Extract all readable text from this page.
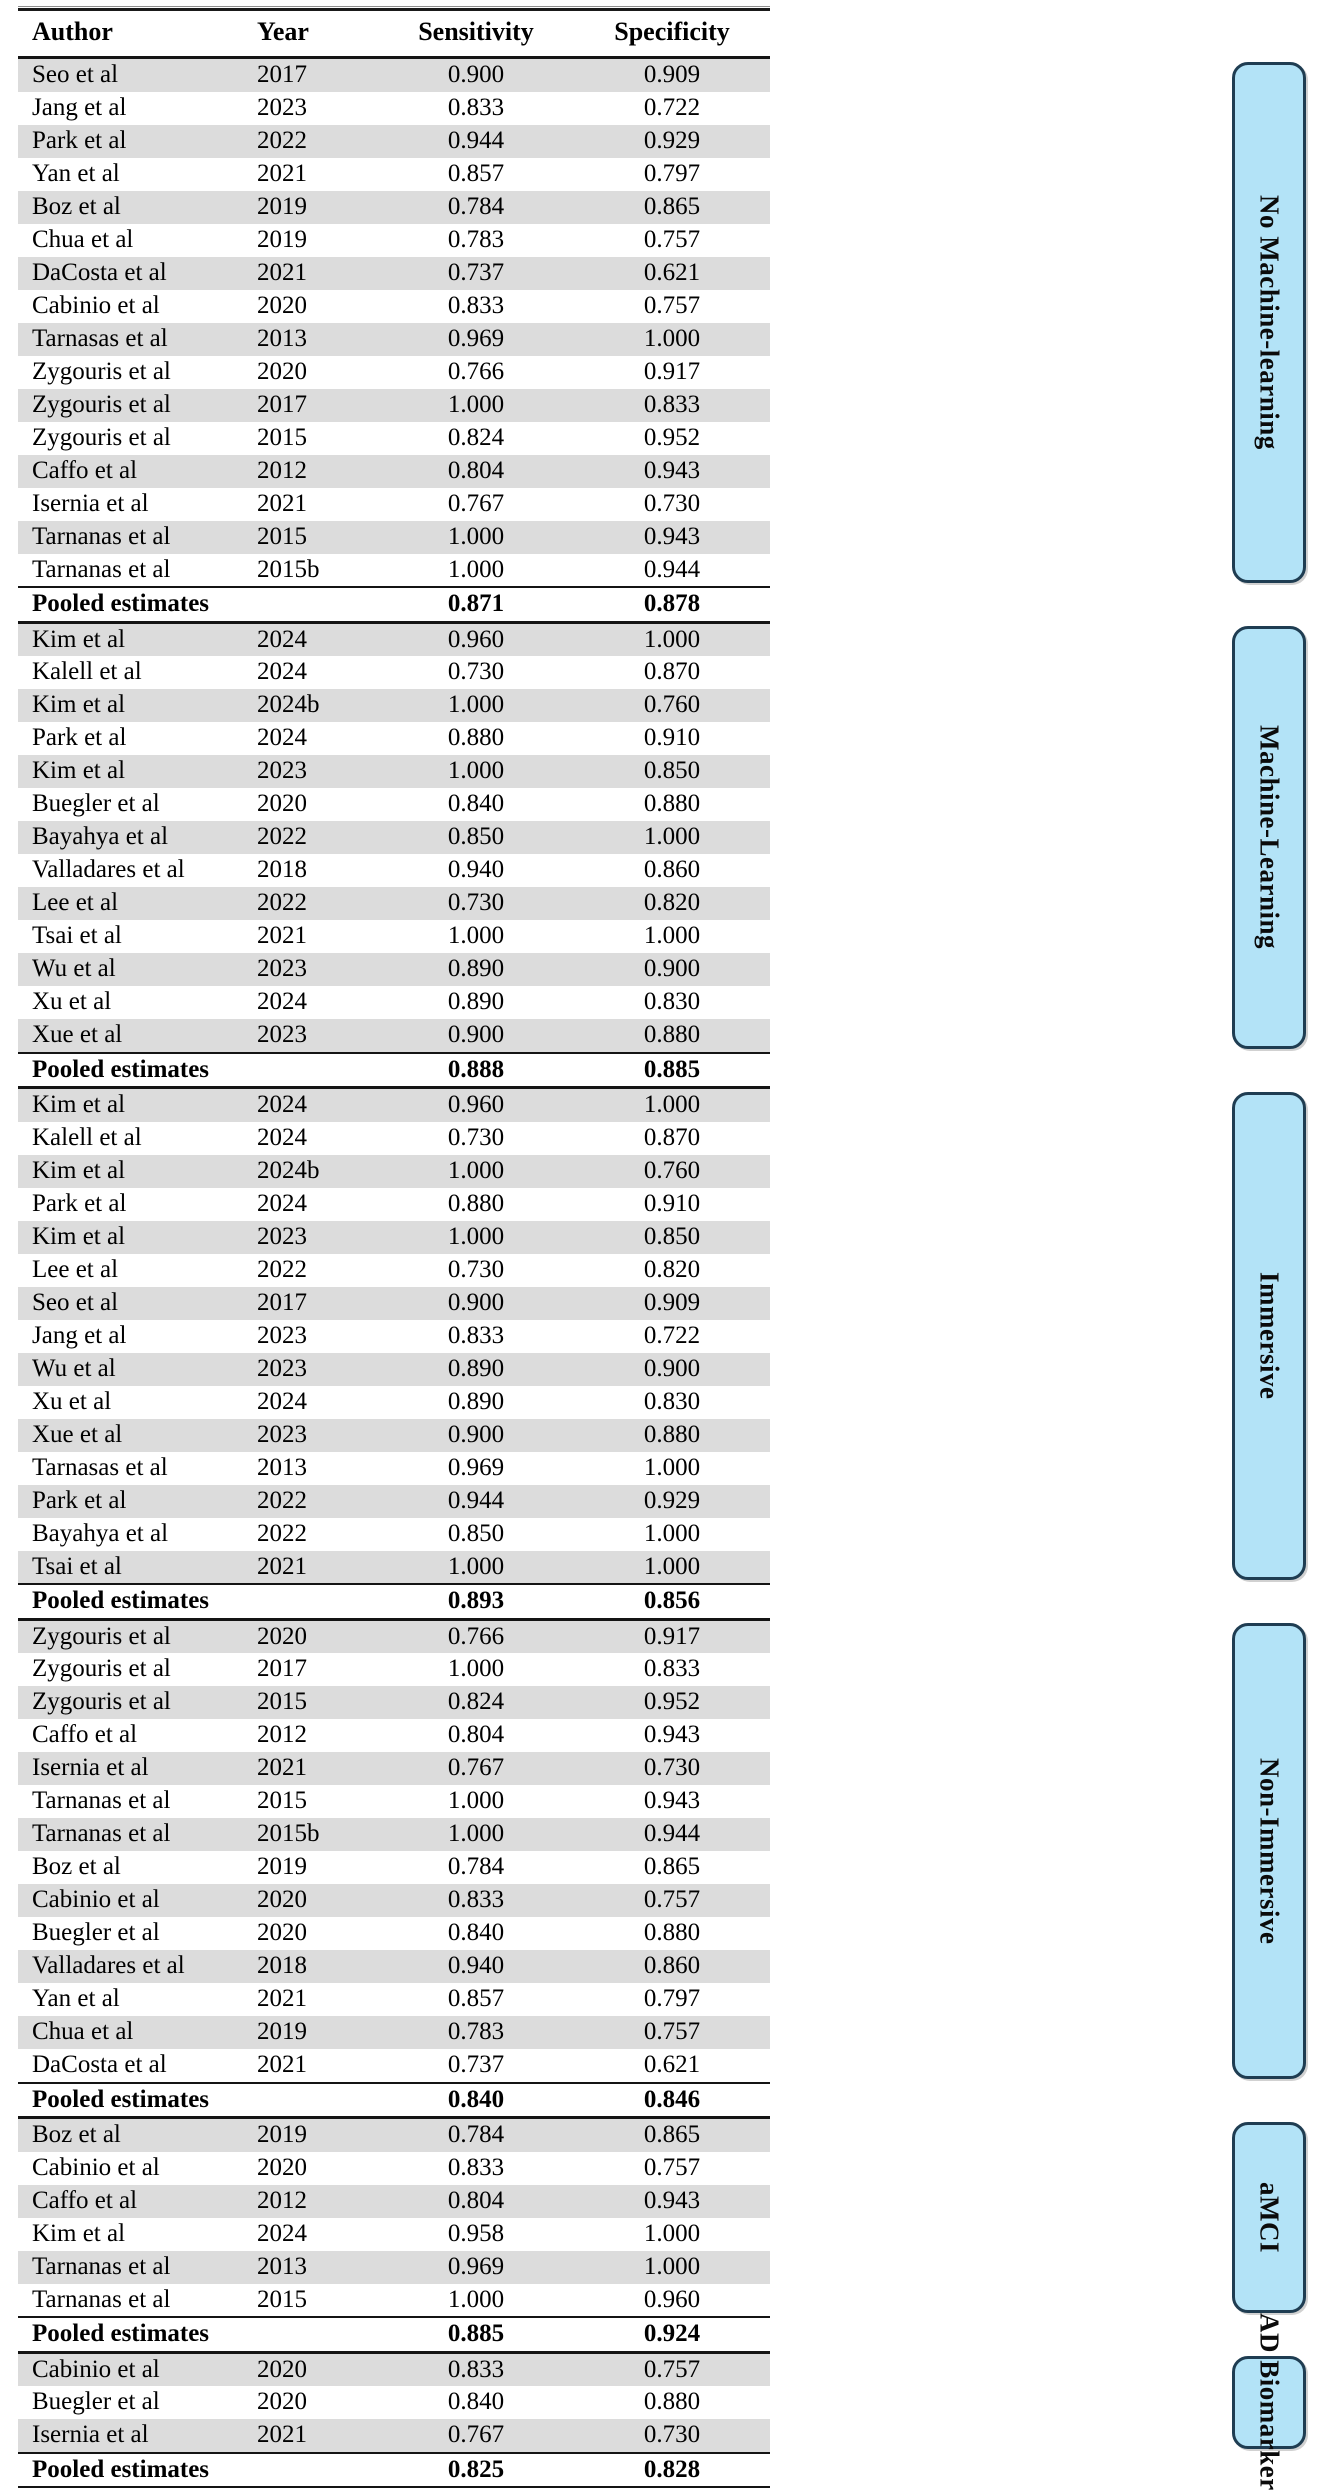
Author	Year	Sensitivity	Specificity
Seo et al	2017	0.900	0.909
Jang et al	2023	0.833	0.722
Park et al	2022	0.944	0.929
Yan et al	2021	0.857	0.797
Boz et al	2019	0.784	0.865
Chua et al	2019	0.783	0.757
DaCosta et al	2021	0.737	0.621
Cabinio et al	2020	0.833	0.757
Tarnasas et al	2013	0.969	1.000
Zygouris et al	2020	0.766	0.917
Zygouris et al	2017	1.000	0.833
Zygouris et al	2015	0.824	0.952
Caffo et al	2012	0.804	0.943
Isernia et al	2021	0.767	0.730
Tarnanas et al	2015	1.000	0.943
Tarnanas et al	2015b	1.000	0.944
Pooled estimates		0.871	0.878
Kim et al	2024	0.960	1.000
Kalell et al	2024	0.730	0.870
Kim et al	2024b	1.000	0.760
Park et al	2024	0.880	0.910
Kim et al	2023	1.000	0.850
Buegler et al	2020	0.840	0.880
Bayahya et al	2022	0.850	1.000
Valladares et al	2018	0.940	0.860
Lee et al	2022	0.730	0.820
Tsai et al	2021	1.000	1.000
Wu et al	2023	0.890	0.900
Xu et al	2024	0.890	0.830
Xue et al	2023	0.900	0.880
Pooled estimates		0.888	0.885
Kim et al	2024	0.960	1.000
Kalell et al	2024	0.730	0.870
Kim et al	2024b	1.000	0.760
Park et al	2024	0.880	0.910
Kim et al	2023	1.000	0.850
Lee et al	2022	0.730	0.820
Seo et al	2017	0.900	0.909
Jang et al	2023	0.833	0.722
Wu et al	2023	0.890	0.900
Xu et al	2024	0.890	0.830
Xue et al	2023	0.900	0.880
Tarnasas et al	2013	0.969	1.000
Park et al	2022	0.944	0.929
Bayahya et al	2022	0.850	1.000
Tsai et al	2021	1.000	1.000
Pooled estimates		0.893	0.856
Zygouris et al	2020	0.766	0.917
Zygouris et al	2017	1.000	0.833
Zygouris et al	2015	0.824	0.952
Caffo et al	2012	0.804	0.943
Isernia et al	2021	0.767	0.730
Tarnanas et al	2015	1.000	0.943
Tarnanas et al	2015b	1.000	0.944
Boz et al	2019	0.784	0.865
Cabinio et al	2020	0.833	0.757
Buegler et al	2020	0.840	0.880
Valladares et al	2018	0.940	0.860
Yan et al	2021	0.857	0.797
Chua et al	2019	0.783	0.757
DaCosta et al	2021	0.737	0.621
Pooled estimates		0.840	0.846
Boz et al	2019	0.784	0.865
Cabinio et al	2020	0.833	0.757
Caffo et al	2012	0.804	0.943
Kim et al	2024	0.958	1.000
Tarnanas et al	2013	0.969	1.000
Tarnanas et al	2015	1.000	0.960
Pooled estimates		0.885	0.924
Cabinio et al	2020	0.833	0.757
Buegler et al	2020	0.840	0.880
Isernia et al	2021	0.767	0.730
Pooled estimates		0.825	0.828
No Machine-learning
Machine-Learning
Immersive
Non-Immersive
aMCI
AD Biomarker
